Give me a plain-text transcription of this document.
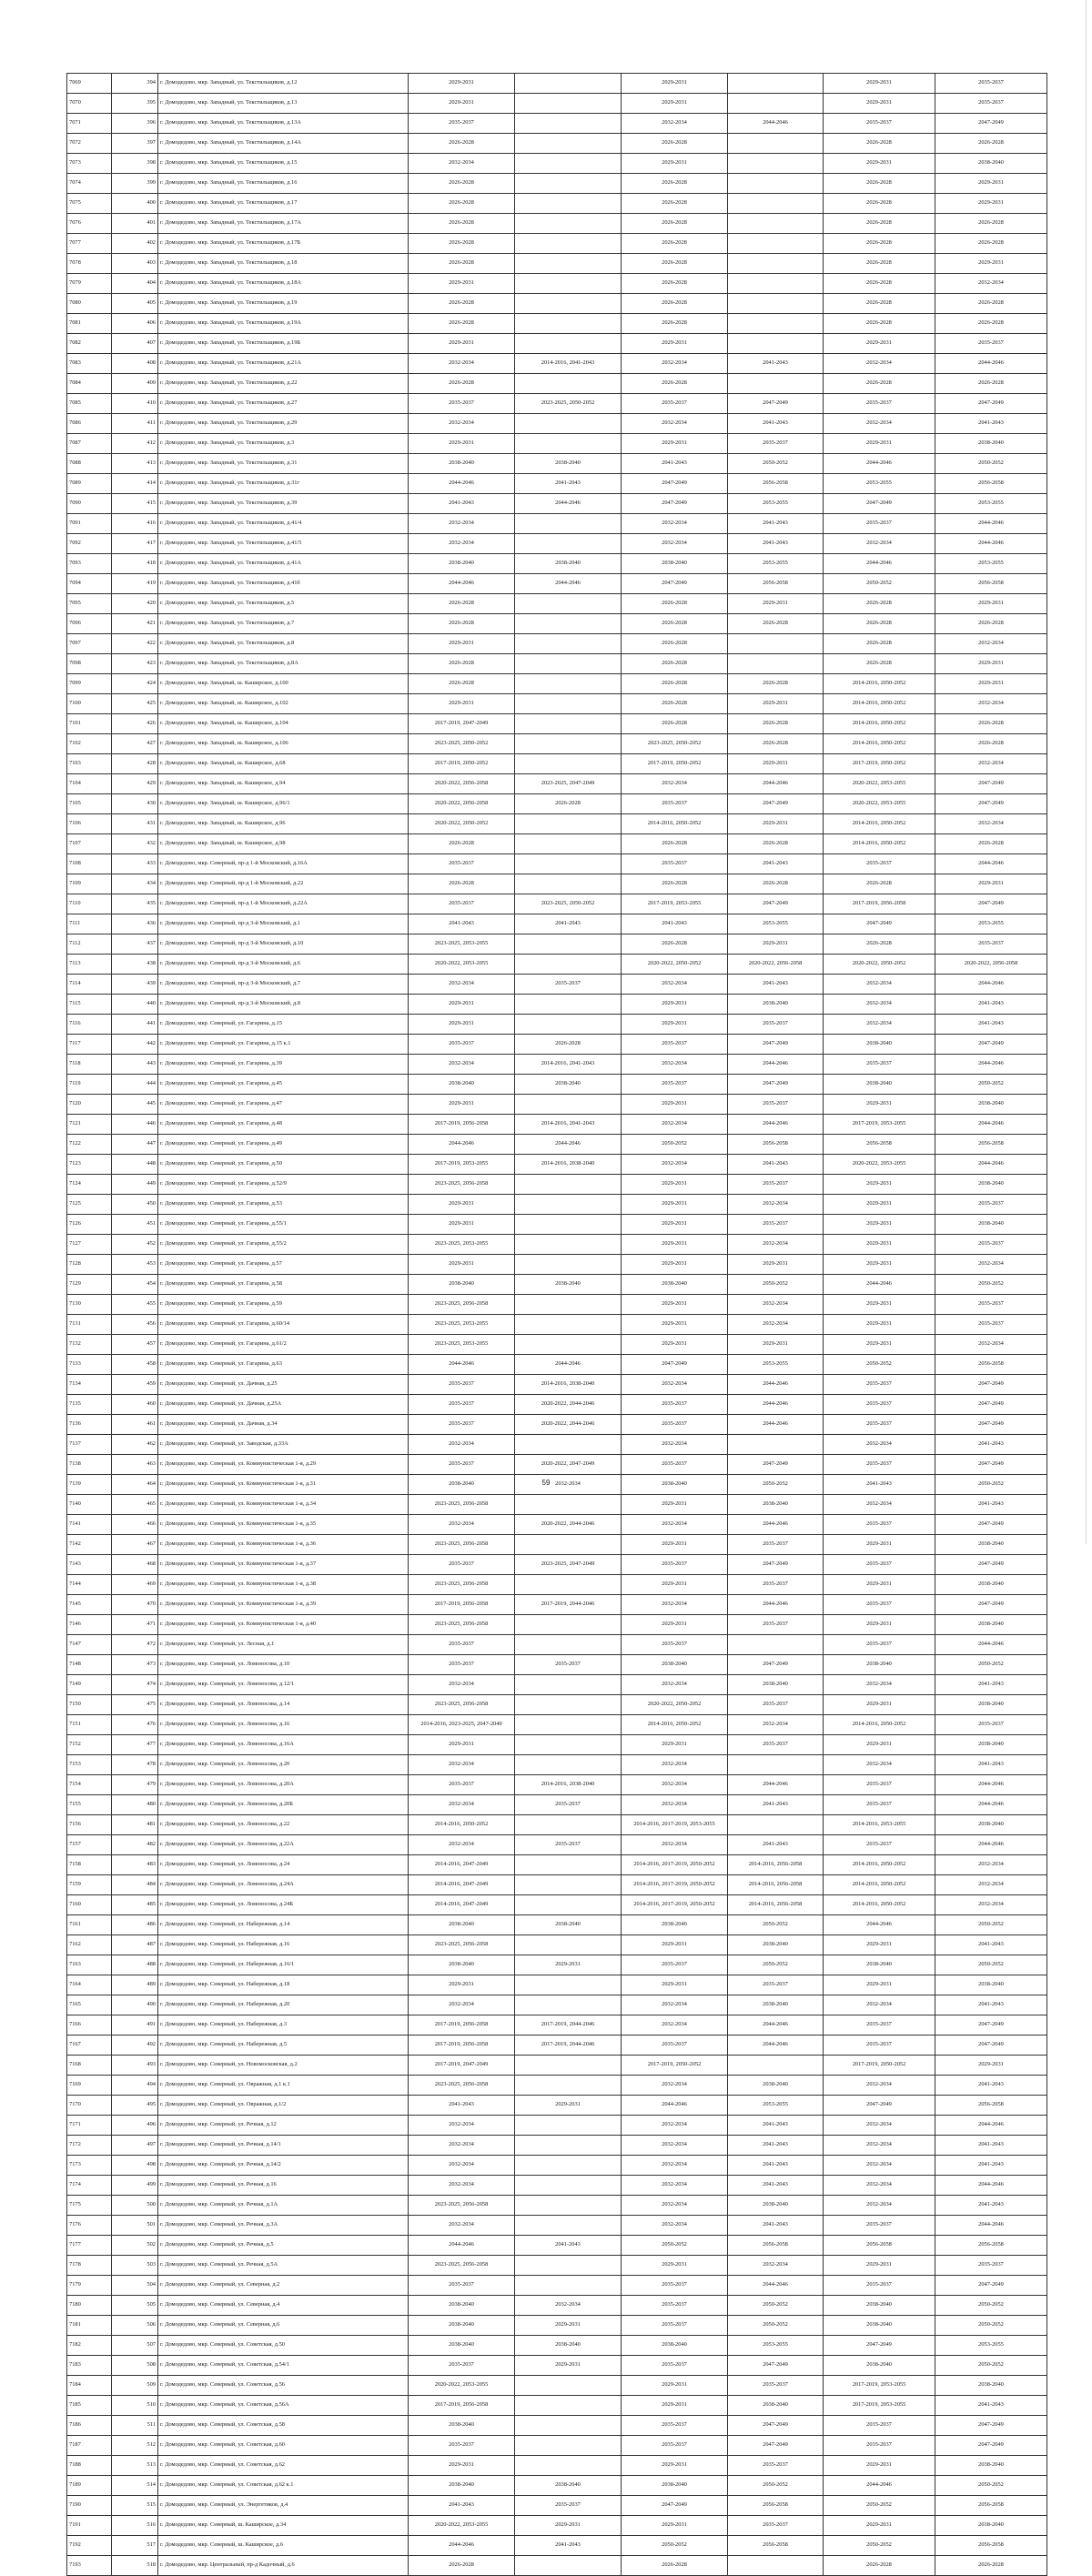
7069	394	г. Домодедово, мкр. Западный, ул. Текстильщиков, д.12	2029-2031		2029-2031		2029-2031	2035-2037
7070	395	г. Домодедово, мкр. Западный, ул. Текстильщиков, д.13	2029-2031		2029-2031		2029-2031	2035-2037
7071	396	г. Домодедово, мкр. Западный, ул. Текстильщиков, д.13А	2035-2037		2032-2034	2044-2046	2035-2037	2047-2049
7072	397	г. Домодедово, мкр. Западный, ул. Текстильщиков, д.14А	2026-2028		2026-2028		2026-2028	2026-2028
7073	398	г. Домодедово, мкр. Западный, ул. Текстильщиков, д.15	2032-2034		2029-2031		2029-2031	2038-2040
7074	399	г. Домодедово, мкр. Западный, ул. Текстильщиков, д.16	2026-2028		2026-2028		2026-2028	2029-2031
7075	400	г. Домодедово, мкр. Западный, ул. Текстильщиков, д.17	2026-2028		2026-2028		2026-2028	2029-2031
7076	401	г. Домодедово, мкр. Западный, ул. Текстильщиков, д.17А	2026-2028		2026-2028		2026-2028	2026-2028
7077	402	г. Домодедово, мкр. Западный, ул. Текстильщиков, д.17Б	2026-2028		2026-2028		2026-2028	2026-2028
7078	403	г. Домодедово, мкр. Западный, ул. Текстильщиков, д.18	2026-2028		2026-2028		2026-2028	2029-2031
7079	404	г. Домодедово, мкр. Западный, ул. Текстильщиков, д.18А	2029-2031		2026-2028		2026-2028	2032-2034
7080	405	г. Домодедово, мкр. Западный, ул. Текстильщиков, д.19	2026-2028		2026-2028		2026-2028	2026-2028
7081	406	г. Домодедово, мкр. Западный, ул. Текстильщиков, д.19А	2026-2028		2026-2028		2026-2028	2026-2028
7082	407	г. Домодедово, мкр. Западный, ул. Текстильщиков, д.19Б	2029-2031		2029-2031		2029-2031	2035-2037
7083	408	г. Домодедово, мкр. Западный, ул. Текстильщиков, д.21А	2032-2034	2014-2016, 2041-2043	2032-2034	2041-2043	2032-2034	2044-2046
7084	409	г. Домодедово, мкр. Западный, ул. Текстильщиков, д.22	2026-2028		2026-2028		2026-2028	2026-2028
7085	410	г. Домодедово, мкр. Западный, ул. Текстильщиков, д.27	2035-2037	2023-2025, 2050-2052	2035-2037	2047-2049	2035-2037	2047-2049
7086	411	г. Домодедово, мкр. Западный, ул. Текстильщиков, д.29	2032-2034		2032-2034	2041-2043	2032-2034	2041-2043
7087	412	г. Домодедово, мкр. Западный, ул. Текстильщиков, д.3	2029-2031		2029-2031	2035-2037	2029-2031	2038-2040
7088	413	г. Домодедово, мкр. Западный, ул. Текстильщиков, д.31	2038-2040	2038-2040	2041-2043	2050-2052	2044-2046	2050-2052
7089	414	г. Домодедово, мкр. Западный, ул. Текстильщиков, д.31г	2044-2046	2041-2043	2047-2049	2056-2058	2053-2055	2056-2058
7090	415	г. Домодедово, мкр. Западный, ул. Текстильщиков, д.39	2041-2043	2044-2046	2047-2049	2053-2055	2047-2049	2053-2055
7091	416	г. Домодедово, мкр. Западный, ул. Текстильщиков, д.41/4	2032-2034		2032-2034	2041-2043	2035-2037	2044-2046
7092	417	г. Домодедово, мкр. Западный, ул. Текстильщиков, д.41/5	2032-2034		2032-2034	2041-2043	2032-2034	2044-2046
7093	418	г. Домодедово, мкр. Западный, ул. Текстильщиков, д.41А	2038-2040	2038-2040	2038-2040	2053-2055	2044-2046	2053-2055
7094	419	г. Домодедово, мкр. Западный, ул. Текстильщиков, д.41б	2044-2046	2044-2046	2047-2049	2056-2058	2050-2052	2056-2058
7095	420	г. Домодедово, мкр. Западный, ул. Текстильщиков, д.5	2026-2028		2026-2028	2029-2031	2026-2028	2029-2031
7096	421	г. Домодедово, мкр. Западный, ул. Текстильщиков, д.7	2026-2028		2026-2028	2026-2028	2026-2028	2026-2028
7097	422	г. Домодедово, мкр. Западный, ул. Текстильщиков, д.8	2029-2031		2026-2028		2026-2028	2032-2034
7098	423	г. Домодедово, мкр. Западный, ул. Текстильщиков, д.8А	2026-2028		2026-2028		2026-2028	2029-2031
7099	424	г. Домодедово, мкр. Западный, ш. Каширское, д.100	2026-2028		2026-2028	2026-2028	2014-2016, 2050-2052	2029-2031
7100	425	г. Домодедово, мкр. Западный, ш. Каширское, д.102	2029-2031		2026-2028	2029-2031	2014-2016, 2050-2052	2032-2034
7101	426	г. Домодедово, мкр. Западный, ш. Каширское, д.104	2017-2019, 2047-2049		2026-2028	2026-2028	2014-2016, 2050-2052	2026-2028
7102	427	г. Домодедово, мкр. Западный, ш. Каширское, д.106	2023-2025, 2050-2052		2023-2025, 2050-2052	2026-2028	2014-2016, 2050-2052	2026-2028
7103	428	г. Домодедово, мкр. Западный, ш. Каширское, д.68	2017-2019, 2050-2052		2017-2019, 2050-2052	2029-2031	2017-2019, 2050-2052	2032-2034
7104	429	г. Домодедово, мкр. Западный, ш. Каширское, д.94	2020-2022, 2056-2058	2023-2025, 2047-2049	2032-2034	2044-2046	2020-2022, 2053-2055	2047-2049
7105	430	г. Домодедово, мкр. Западный, ш. Каширское, д.96/1	2020-2022, 2056-2058	2026-2028	2035-2037	2047-2049	2020-2022, 2053-2055	2047-2049
7106	431	г. Домодедово, мкр. Западный, ш. Каширское, д.96	2020-2022, 2050-2052		2014-2016, 2050-2052	2029-2031	2014-2016, 2050-2052	2032-2034
7107	432	г. Домодедово, мкр. Западный, ш. Каширское, д.98	2026-2028		2026-2028	2026-2028	2014-2016, 2050-2052	2026-2028
7108	433	г. Домодедово, мкр. Северный, пр-д 1-й Московский, д.16А	2035-2037		2035-2037	2041-2043	2035-2037	2044-2046
7109	434	г. Домодедово, мкр. Северный, пр-д 1-й Московский, д.22	2026-2028		2026-2028	2026-2028	2026-2028	2029-2031
7110	435	г. Домодедово, мкр. Северный, пр-д 1-й Московский, д.22А	2035-2037	2023-2025, 2050-2052	2017-2019, 2053-2055	2047-2049	2017-2019, 2056-2058	2047-2049
7111	436	г. Домодедово, мкр. Северный, пр-д 3-й Московский, д.1	2041-2043	2041-2043	2041-2043	2053-2055	2047-2049	2053-2055
7112	437	г. Домодедово, мкр. Северный, пр-д 3-й Московский, д.10	2023-2025, 2053-2055		2026-2028	2029-2031	2026-2028	2035-2037
7113	438	г. Домодедово, мкр. Северный, пр-д 3-й Московский, д.6	2020-2022, 2053-2055		2020-2022, 2050-2052	2020-2022, 2056-2058	2020-2022, 2050-2052	2020-2022, 2056-2058
7114	439	г. Домодедово, мкр. Северный, пр-д 3-й Московский, д.7	2032-2034	2035-2037	2032-2034	2041-2043	2032-2034	2044-2046
7115	440	г. Домодедово, мкр. Северный, пр-д 3-й Московский, д.8	2029-2031		2029-2031	2038-2040	2032-2034	2041-2043
7116	441	г. Домодедово, мкр. Северный, ул. Гагарина, д.15	2029-2031		2029-2031	2035-2037	2032-2034	2041-2043
7117	442	г. Домодедово, мкр. Северный, ул. Гагарина, д.15 к.1	2035-2037	2026-2028	2035-2037	2047-2049	2038-2040	2047-2049
7118	443	г. Домодедово, мкр. Северный, ул. Гагарина, д.39	2032-2034	2014-2016, 2041-2043	2032-2034	2044-2046	2035-2037	2044-2046
7119	444	г. Домодедово, мкр. Северный, ул. Гагарина, д.45	2038-2040	2038-2040	2035-2037	2047-2049	2038-2040	2050-2052
7120	445	г. Домодедово, мкр. Северный, ул. Гагарина, д.47	2029-2031		2029-2031	2035-2037	2029-2031	2038-2040
7121	446	г. Домодедово, мкр. Северный, ул. Гагарина, д.48	2017-2019, 2056-2058	2014-2016, 2041-2043	2032-2034	2044-2046	2017-2019, 2053-2055	2044-2046
7122	447	г. Домодедово, мкр. Северный, ул. Гагарина, д.49	2044-2046	2044-2046	2050-2052	2056-2058	2056-2058	2056-2058
7123	448	г. Домодедово, мкр. Северный, ул. Гагарина, д.50	2017-2019, 2053-2055	2014-2016, 2038-2040	2032-2034	2041-2043	2020-2022, 2053-2055	2044-2046
7124	449	г. Домодедово, мкр. Северный, ул. Гагарина, д.52/9	2023-2025, 2056-2058		2029-2031	2035-2037	2029-2031	2038-2040
7125	450	г. Домодедово, мкр. Северный, ул. Гагарина, д.53	2029-2031		2029-2031	2032-2034	2029-2031	2035-2037
7126	451	г. Домодедово, мкр. Северный, ул. Гагарина, д.55/1	2029-2031		2029-2031	2035-2037	2029-2031	2038-2040
7127	452	г. Домодедово, мкр. Северный, ул. Гагарина, д.55/2	2023-2025, 2053-2055		2029-2031	2032-2034	2029-2031	2035-2037
7128	453	г. Домодедово, мкр. Северный, ул. Гагарина, д.57	2029-2031		2029-2031	2029-2031	2029-2031	2032-2034
7129	454	г. Домодедово, мкр. Северный, ул. Гагарина, д.58	2038-2040	2038-2040	2038-2040	2050-2052	2044-2046	2050-2052
7130	455	г. Домодедово, мкр. Северный, ул. Гагарина, д.59	2023-2025, 2056-2058		2029-2031	2032-2034	2029-2031	2035-2037
7131	456	г. Домодедово, мкр. Северный, ул. Гагарина, д.60/14	2023-2025, 2053-2055		2029-2031	2032-2034	2029-2031	2035-2037
7132	457	г. Домодедово, мкр. Северный, ул. Гагарина, д.61/2	2023-2025, 2053-2055		2029-2031	2029-2031	2029-2031	2032-2034
7133	458	г. Домодедово, мкр. Северный, ул. Гагарина, д.63	2044-2046	2044-2046	2047-2049	2053-2055	2050-2052	2056-2058
7134	459	г. Домодедово, мкр. Северный, ул. Дачная, д.25	2035-2037	2014-2016, 2038-2040	2032-2034	2044-2046	2035-2037	2047-2049
7135	460	г. Домодедово, мкр. Северный, ул. Дачная, д.25А	2035-2037	2020-2022, 2044-2046	2035-2037	2044-2046	2035-2037	2047-2049
7136	461	г. Домодедово, мкр. Северный, ул. Дачная, д.34	2035-2037	2020-2022, 2044-2046	2035-2037	2044-2046	2035-2037	2047-2049
7137	462	г. Домодедово, мкр. Северный, ул. Заводская, д.33А	2032-2034		2032-2034		2032-2034	2041-2043
7138	463	г. Домодедово, мкр. Северный, ул. Коммунистическая 1-я, д.29	2035-2037	2020-2022, 2047-2049	2035-2037	2047-2049	2035-2037	2047-2049
7139	464	г. Домодедово, мкр. Северный, ул. Коммунистическая 1-я, д.31	2038-2040	2032-2034	2038-2040	2050-2052	2041-2043	2050-2052
7140	465	г. Домодедово, мкр. Северный, ул. Коммунистическая 1-я, д.34	2023-2025, 2056-2058		2029-2031	2038-2040	2032-2034	2041-2043
7141	466	г. Домодедово, мкр. Северный, ул. Коммунистическая 1-я, д.35	2032-2034	2020-2022, 2044-2046	2032-2034	2044-2046	2035-2037	2047-2049
7142	467	г. Домодедово, мкр. Северный, ул. Коммунистическая 1-я, д.36	2023-2025, 2056-2058		2029-2031	2035-2037	2029-2031	2038-2040
7143	468	г. Домодедово, мкр. Северный, ул. Коммунистическая 1-я, д.37	2035-2037	2023-2025, 2047-2049	2035-2037	2047-2049	2035-2037	2047-2049
7144	469	г. Домодедово, мкр. Северный, ул. Коммунистическая 1-я, д.38	2023-2025, 2056-2058		2029-2031	2035-2037	2029-2031	2038-2040
7145	470	г. Домодедово, мкр. Северный, ул. Коммунистическая 1-я, д.39	2017-2019, 2056-2058	2017-2019, 2044-2046	2032-2034	2044-2046	2035-2037	2047-2049
7146	471	г. Домодедово, мкр. Северный, ул. Коммунистическая 1-я, д.40	2023-2025, 2056-2058		2029-2031	2035-2037	2029-2031	2038-2040
7147	472	г. Домодедово, мкр. Северный, ул. Лесная, д.1	2035-2037		2035-2037		2035-2037	2044-2046
7148	473	г. Домодедово, мкр. Северный, ул. Ломоносова, д.10	2035-2037	2035-2037	2038-2040	2047-2049	2038-2040	2050-2052
7149	474	г. Домодедово, мкр. Северный, ул. Ломоносова, д.12/1	2032-2034		2032-2034	2038-2040	2032-2034	2041-2043
7150	475	г. Домодедово, мкр. Северный, ул. Ломоносова, д.14	2023-2025, 2056-2058		2020-2022, 2050-2052	2035-2037	2029-2031	2038-2040
7151	476	г. Домодедово, мкр. Северный, ул. Ломоносова, д.16	2014-2016, 2023-2025, 2047-2049		2014-2016, 2050-2052	2032-2034	2014-2016, 2050-2052	2035-2037
7152	477	г. Домодедово, мкр. Северный, ул. Ломоносова, д.16А	2029-2031		2029-2031	2035-2037	2029-2031	2038-2040
7153	478	г. Домодедово, мкр. Северный, ул. Ломоносова, д.20	2032-2034		2032-2034		2032-2034	2041-2043
7154	479	г. Домодедово, мкр. Северный, ул. Ломоносова, д.20А	2035-2037	2014-2016, 2038-2040	2032-2034	2044-2046	2035-2037	2044-2046
7155	480	г. Домодедово, мкр. Северный, ул. Ломоносова, д.20Б	2032-2034	2035-2037	2032-2034	2041-2043	2035-2037	2044-2046
7156	481	г. Домодедово, мкр. Северный, ул. Ломоносова, д.22	2014-2016, 2050-2052		2014-2016, 2017-2019, 2053-2055		2014-2016, 2053-2055	2038-2040
7157	482	г. Домодедово, мкр. Северный, ул. Ломоносова, д.22А	2032-2034	2035-2037	2032-2034	2041-2043	2035-2037	2044-2046
7158	483	г. Домодедово, мкр. Северный, ул. Ломоносова, д.24	2014-2016, 2047-2049		2014-2016, 2017-2019, 2050-2052	2014-2016, 2056-2058	2014-2016, 2050-2052	2032-2034
7159	484	г. Домодедово, мкр. Северный, ул. Ломоносова, д.24А	2014-2016, 2047-2049		2014-2016, 2017-2019, 2050-2052	2014-2016, 2056-2058	2014-2016, 2050-2052	2032-2034
7160	485	г. Домодедово, мкр. Северный, ул. Ломоносова, д.24Б	2014-2016, 2047-2049		2014-2016, 2017-2019, 2050-2052	2014-2016, 2056-2058	2014-2016, 2050-2052	2032-2034
7161	486	г. Домодедово, мкр. Северный, ул. Набережная, д.14	2038-2040	2038-2040	2038-2040	2050-2052	2044-2046	2050-2052
7162	487	г. Домодедово, мкр. Северный, ул. Набережная, д.16	2023-2025, 2056-2058		2029-2031	2038-2040	2029-2031	2041-2043
7163	488	г. Домодедово, мкр. Северный, ул. Набережная, д.16/1	2038-2040	2029-2031	2035-2037	2050-2052	2038-2040	2050-2052
7164	489	г. Домодедово, мкр. Северный, ул. Набережная, д.18	2029-2031		2029-2031	2035-2037	2029-2031	2038-2040
7165	490	г. Домодедово, мкр. Северный, ул. Набережная, д.20	2032-2034		2032-2034	2038-2040	2032-2034	2041-2043
7166	491	г. Домодедово, мкр. Северный, ул. Набережная, д.3	2017-2019, 2056-2058	2017-2019, 2044-2046	2032-2034	2044-2046	2035-2037	2047-2049
7167	492	г. Домодедово, мкр. Северный, ул. Набережная, д.5	2017-2019, 2056-2058	2017-2019, 2044-2046	2035-2037	2044-2046	2035-2037	2047-2049
7168	493	г. Домодедово, мкр. Северный, ул. Новомосковская, д.2	2017-2019, 2047-2049		2017-2019, 2050-2052		2017-2019, 2050-2052	2029-2031
7169	494	г. Домодедово, мкр. Северный, ул. Овражная, д.1 к.1	2023-2025, 2056-2058		2032-2034	2038-2040	2032-2034	2041-2043
7170	495	г. Домодедово, мкр. Северный, ул. Овражная, д.1/2	2041-2043	2029-2031	2044-2046	2053-2055	2047-2049	2056-2058
7171	496	г. Домодедово, мкр. Северный, ул. Речная, д.12	2032-2034		2032-2034	2041-2043	2032-2034	2044-2046
7172	497	г. Домодедово, мкр. Северный, ул. Речная, д.14/1	2032-2034		2032-2034	2041-2043	2032-2034	2041-2043
7173	498	г. Домодедово, мкр. Северный, ул. Речная, д.14/2	2032-2034		2032-2034	2041-2043	2032-2034	2041-2043
7174	499	г. Домодедово, мкр. Северный, ул. Речная, д.16	2032-2034		2032-2034	2041-2043	2032-2034	2044-2046
7175	500	г. Домодедово, мкр. Северный, ул. Речная, д.1А	2023-2025, 2056-2058		2032-2034	2038-2040	2032-2034	2041-2043
7176	501	г. Домодедово, мкр. Северный, ул. Речная, д.3А	2032-2034		2032-2034	2041-2043	2035-2037	2044-2046
7177	502	г. Домодедово, мкр. Северный, ул. Речная, д.5	2044-2046	2041-2043	2050-2052	2056-2058	2056-2058	2056-2058
7178	503	г. Домодедово, мкр. Северный, ул. Речная, д.5А	2023-2025, 2056-2058		2029-2031	2032-2034	2029-2031	2035-2037
7179	504	г. Домодедово, мкр. Северный, ул. Северная, д.2	2035-2037		2035-2037	2044-2046	2035-2037	2047-2049
7180	505	г. Домодедово, мкр. Северный, ул. Северная, д.4	2038-2040	2032-2034	2035-2037	2050-2052	2038-2040	2050-2052
7181	506	г. Домодедово, мкр. Северный, ул. Северная, д.6	2038-2040	2029-2031	2035-2037	2050-2052	2038-2040	2050-2052
7182	507	г. Домодедово, мкр. Северный, ул. Советская, д.50	2038-2040	2038-2040	2038-2040	2053-2055	2047-2049	2053-2055
7183	508	г. Домодедово, мкр. Северный, ул. Советская, д.54/1	2035-2037	2029-2031	2035-2037	2047-2049	2038-2040	2050-2052
7184	509	г. Домодедово, мкр. Северный, ул. Советская, д.56	2020-2022, 2053-2055		2029-2031	2035-2037	2017-2019, 2053-2055	2038-2040
7185	510	г. Домодедово, мкр. Северный, ул. Советская, д.56А	2017-2019, 2056-2058		2029-2031	2038-2040	2017-2019, 2053-2055	2041-2043
7186	511	г. Домодедово, мкр. Северный, ул. Советская, д.58	2038-2040		2035-2037	2047-2049	2035-2037	2047-2049
7187	512	г. Домодедово, мкр. Северный, ул. Советская, д.60	2035-2037		2035-2037	2047-2049	2035-2037	2047-2049
7188	513	г. Домодедово, мкр. Северный, ул. Советская, д.62	2029-2031		2029-2031	2035-2037	2029-2031	2038-2040
7189	514	г. Домодедово, мкр. Северный, ул. Советская, д.62 к.1	2038-2040	2038-2040	2038-2040	2050-2052	2044-2046	2050-2052
7190	515	г. Домодедово, мкр. Северный, ул. Энергетиков, д.4	2041-2043	2035-2037	2047-2049	2056-2058	2050-2052	2056-2058
7191	516	г. Домодедово, мкр. Северный, ш. Каширское, д.34	2020-2022, 2053-2055	2029-2031	2029-2031	2035-2037	2029-2031	2038-2040
7192	517	г. Домодедово, мкр. Северный, ш. Каширское, д.6	2044-2046	2041-2043	2050-2052	2056-2058	2050-2052	2056-2058
7193	518	г. Домодедово, мкр. Центральный, пр-д Кадочный, д.6	2026-2028		2026-2028		2026-2028	2026-2028
59
